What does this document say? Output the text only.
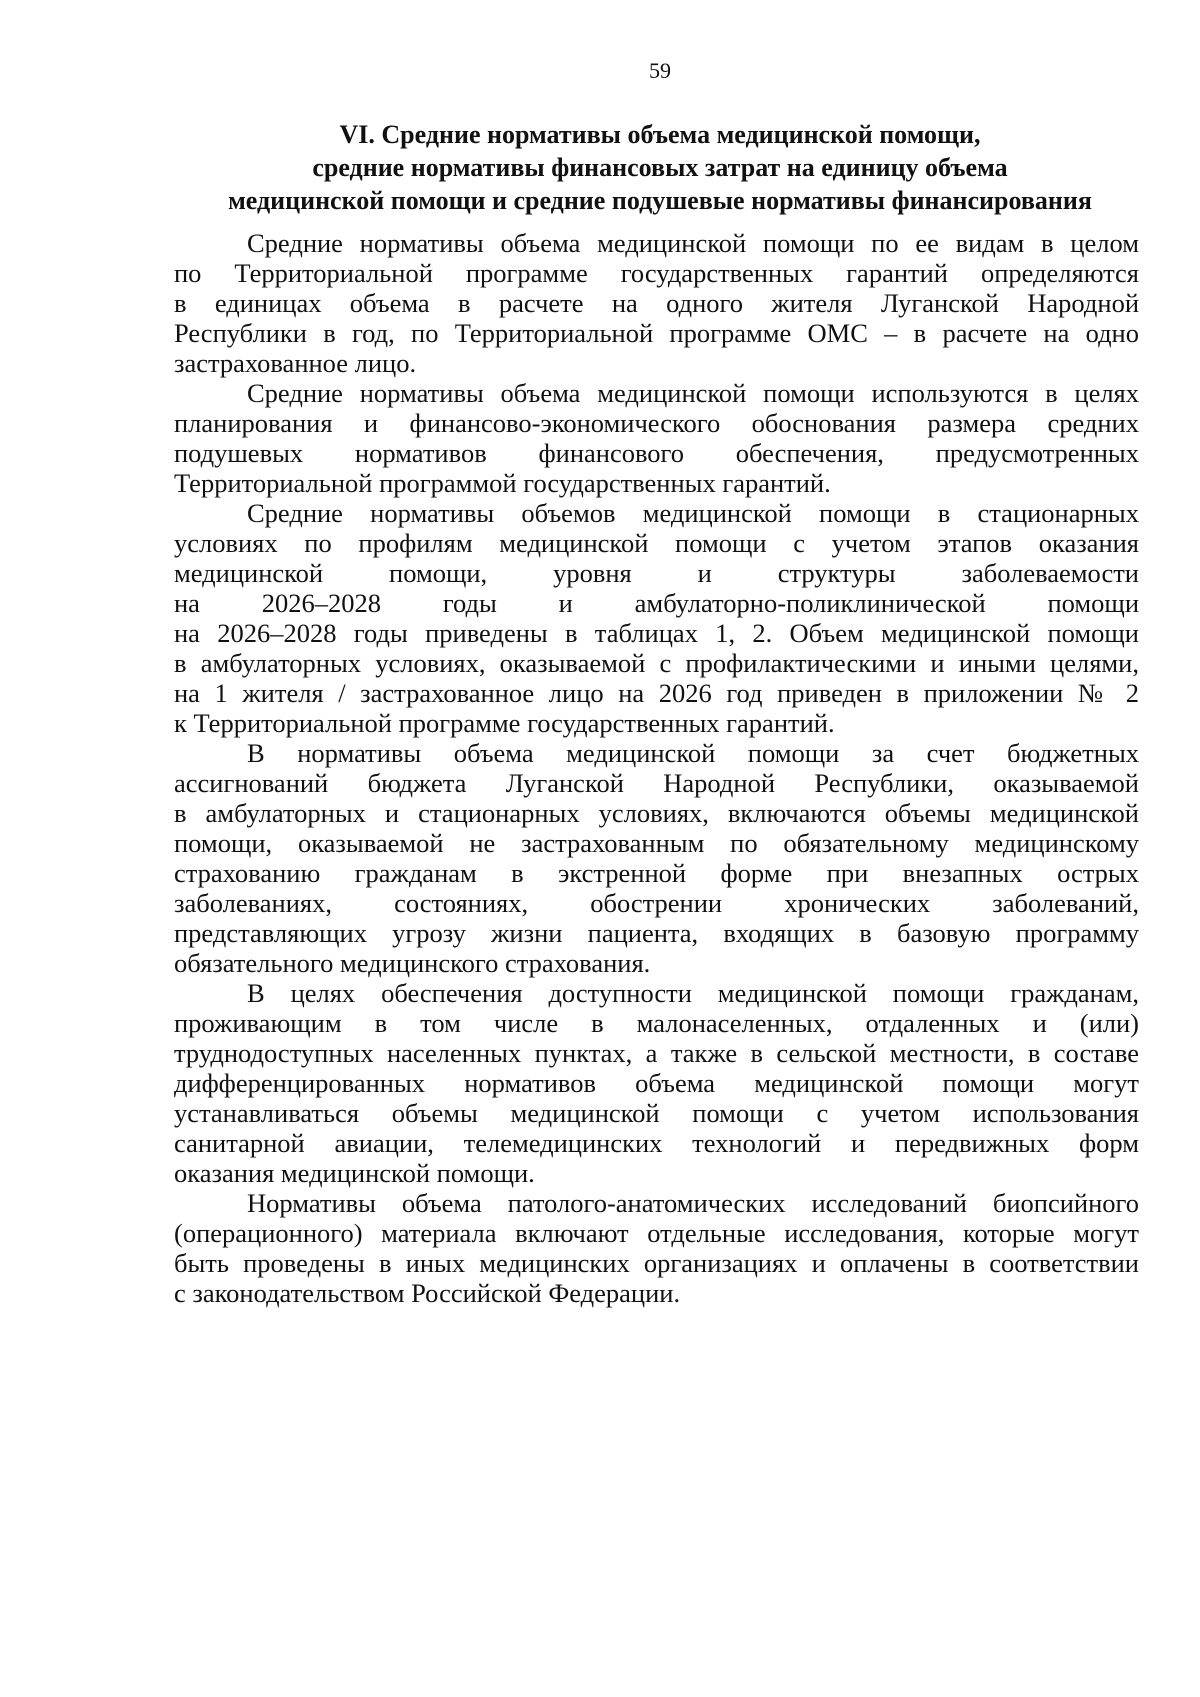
59
VI. Средние нормативы объема медицинской помощи,
средние нормативы финансовых затрат на единицу объема
медицинской помощи и средние подушевые нормативы финансирования
Средние нормативы объема медицинской помощи по ее видам в целом
по Территориальной программе государственных гарантий определяются
в единицах объема в расчете на одного жителя Луганской Народной
Республики в год, по Территориальной программе ОМС – в расчете на одно
застрахованное лицо.
Средние нормативы объема медицинской помощи используются в целях
планирования и финансово-экономического обоснования размера средних
подушевых нормативов финансового обеспечения, предусмотренных
Территориальной программой государственных гарантий.
Средние нормативы объемов медицинской помощи в стационарных
условиях по профилям медицинской помощи с учетом этапов оказания
медицинской помощи, уровня и структуры заболеваемости
на 2026–2028 годы и амбулаторно-поликлинической помощи
на 2026–2028 годы приведены в таблицах 1, 2. Объем медицинской помощи
в амбулаторных условиях, оказываемой с профилактическими и иными целями,
на 1 жителя / застрахованное лицо на 2026 год приведен в приложении № 2
к Территориальной программе государственных гарантий.
В нормативы объема медицинской помощи за счет бюджетных
ассигнований бюджета Луганской Народной Республики, оказываемой
в амбулаторных и стационарных условиях, включаются объемы медицинской
помощи, оказываемой не застрахованным по обязательному медицинскому
страхованию гражданам в экстренной форме при внезапных острых
заболеваниях, состояниях, обострении хронических заболеваний,
представляющих угрозу жизни пациента, входящих в базовую программу
обязательного медицинского страхования.
В целях обеспечения доступности медицинской помощи гражданам,
проживающим в том числе в малонаселенных, отдаленных и (или)
труднодоступных населенных пунктах, а также в сельской местности, в составе
дифференцированных нормативов объема медицинской помощи могут
устанавливаться объемы медицинской помощи с учетом использования
санитарной авиации, телемедицинских технологий и передвижных форм
оказания медицинской помощи.
Нормативы объема патолого-анатомических исследований биопсийного
(операционного) материала включают отдельные исследования, которые могут
быть проведены в иных медицинских организациях и оплачены в соответствии
с законодательством Российской Федерации.
